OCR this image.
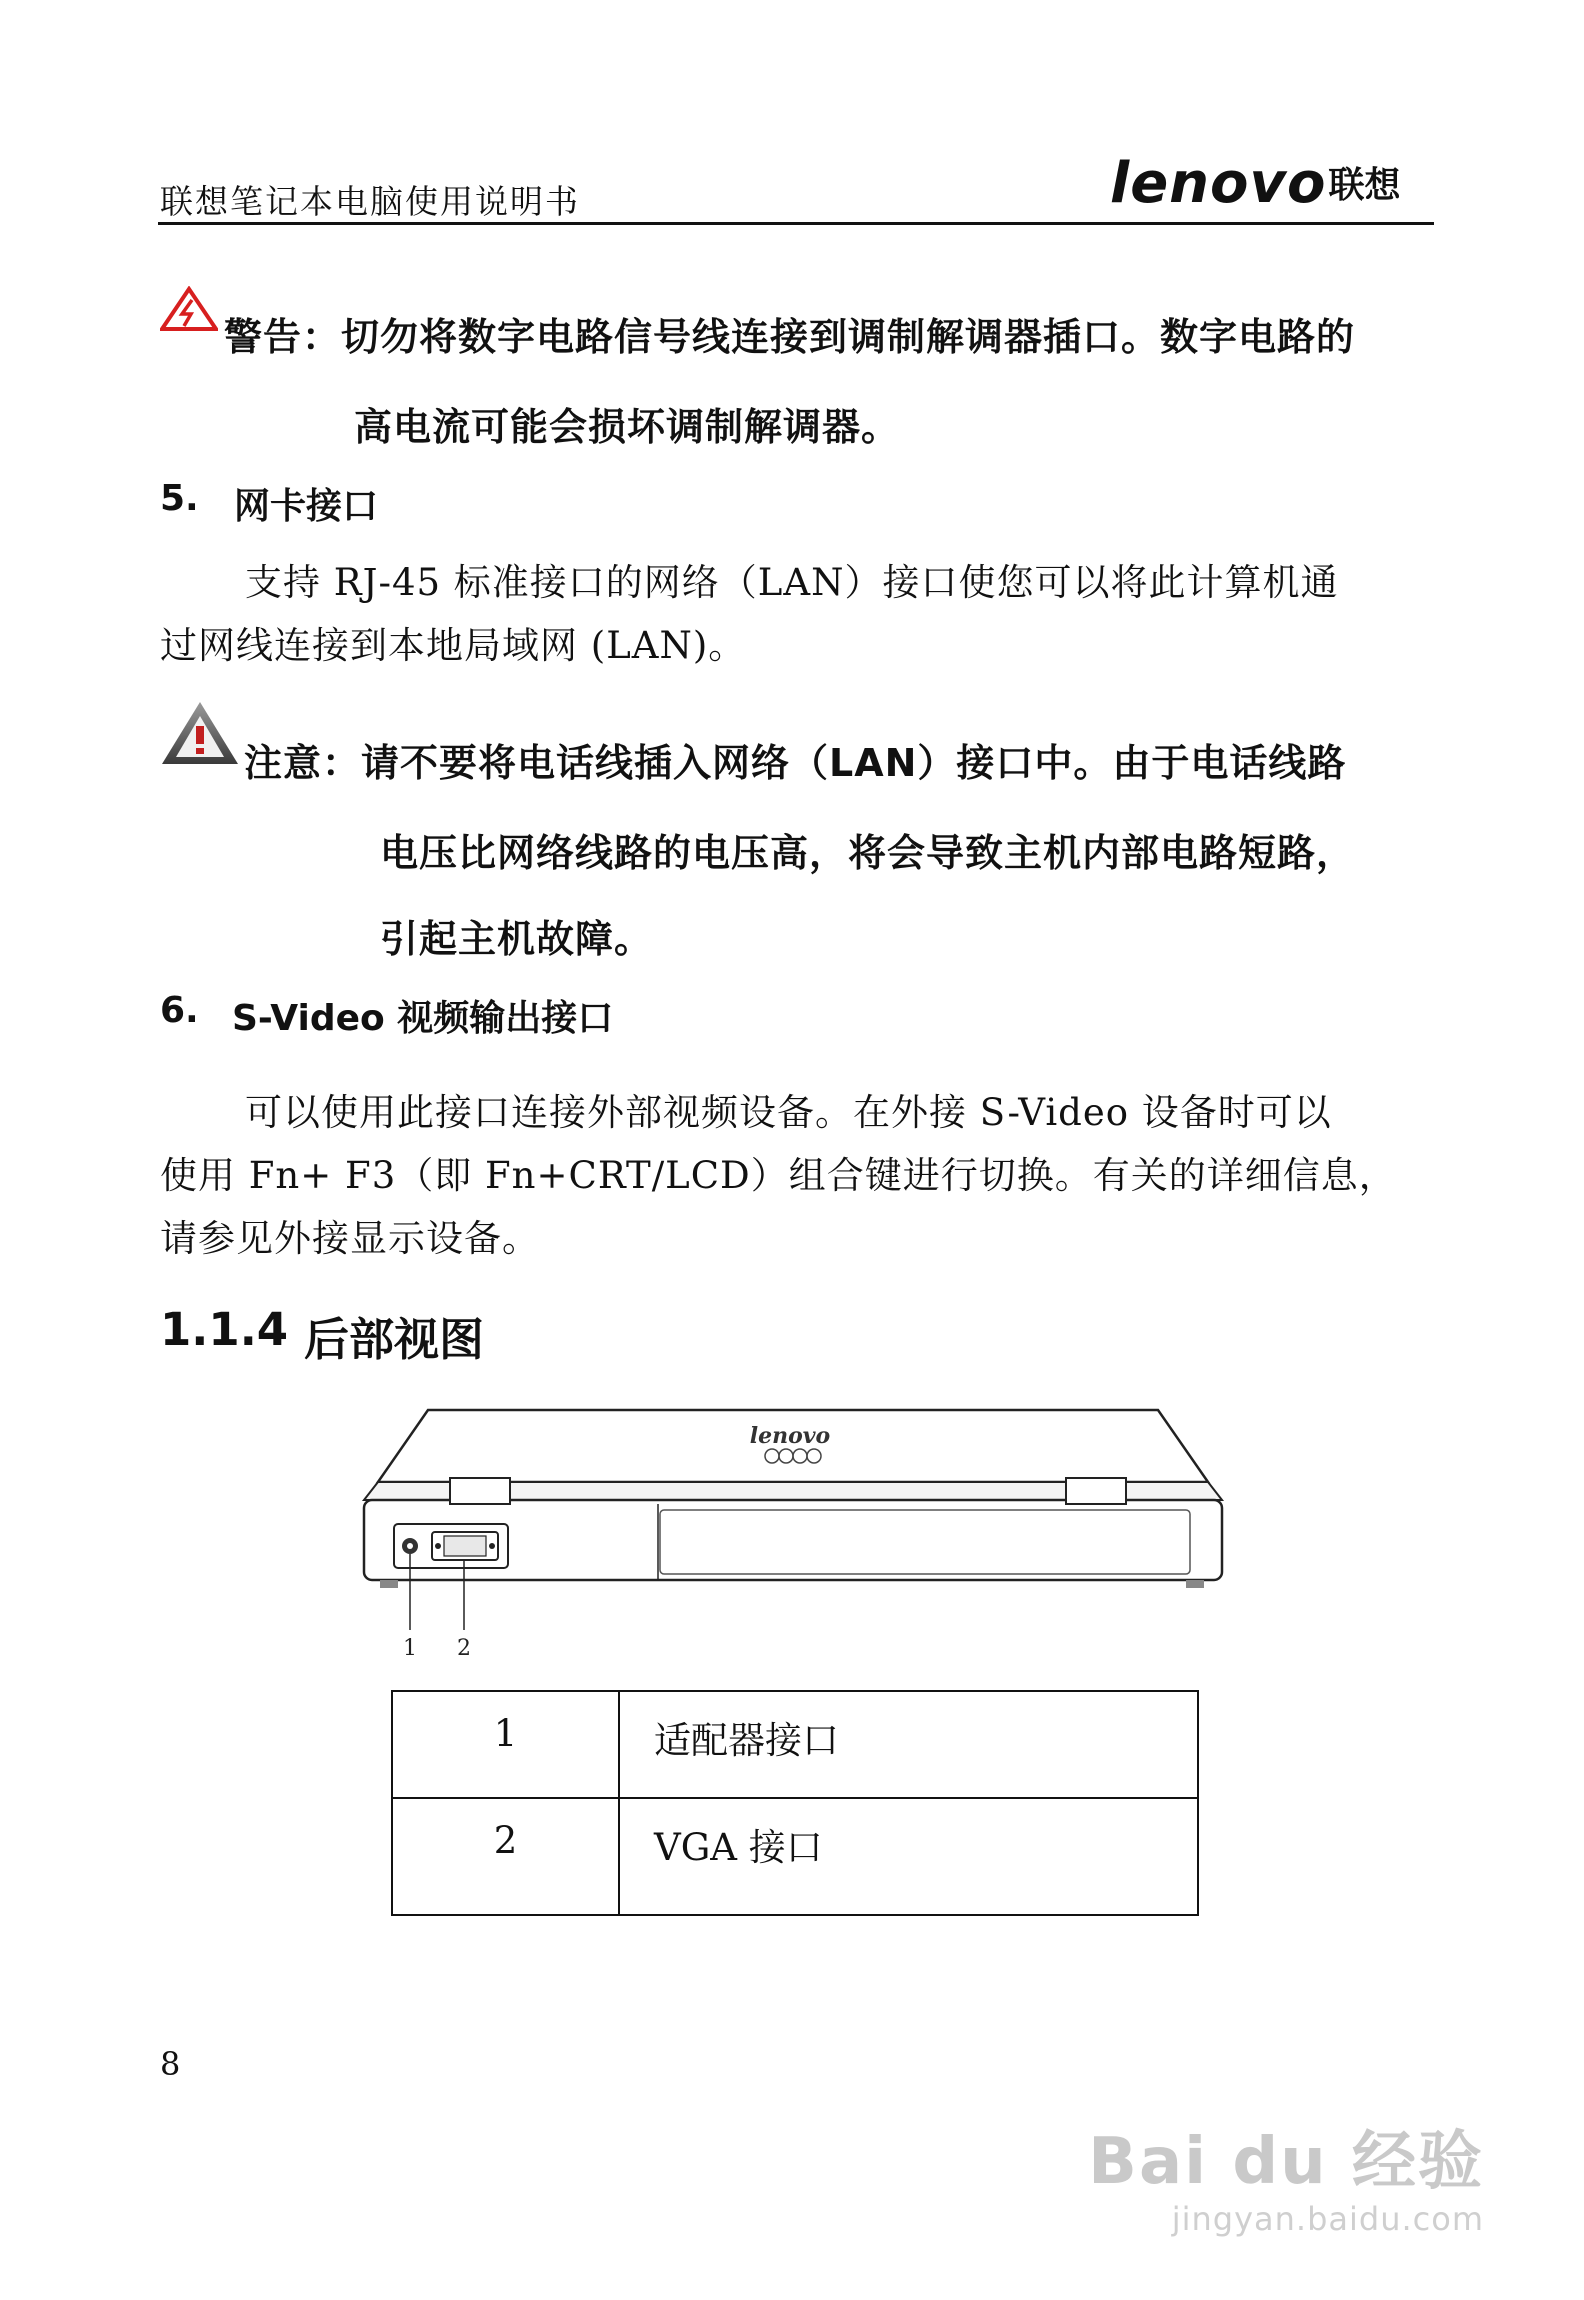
联想笔记本电脑使用说明书	lenovo 联想
警告：切勿将数字电路信号线连接到调制解调器插口。数字电路的
高电流可能会损坏调制解调器。
5. 网卡接口
支持 RJ-45 标准接口的网络（LAN）接口使您可以将此计算机通
过网线连接到本地局域网 (LAN)。
注意：请不要将电话线插入网络（LAN）接口中。由于电话线路
电压比网络线路的电压高，将会导致主机内部电路短路，
引起主机故障。
6. S-Video 视频输出接口
可以使用此接口连接外部视频设备。在外接 S-Video 设备时可以
使用 Fn+ F3（即 Fn+CRT/LCD）组合键进行切换。有关的详细信息，
请参见外接显示设备。
1.1.4 后部视图
lenovo
1 2
1	适配器接口
2	VGA 接口
8
Bai du 经验
jingyan.baidu.com
